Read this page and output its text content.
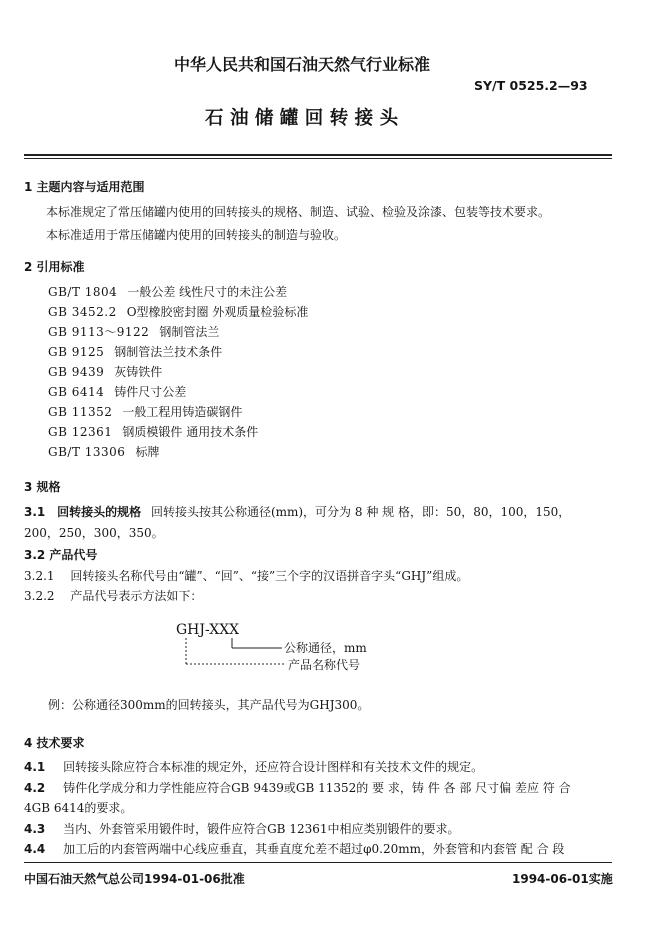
中华人民共和国石油天然气行业标准
SY/T 0525.2—93
石 油 储 罐 回 转 接 头
1 主题内容与适用范围
本标准规定了常压储罐内使用的回转接头的规格、制造、试验、检验及涂漆、包装等技术要求。
本标准适用于常压储罐内使用的回转接头的制造与验收。
2 引用标准
GB/T 1804 一般公差 线性尺寸的未注公差
GB 3452.2 O型橡胶密封圈 外观质量检验标准
GB 9113～9122 钢制管法兰
GB 9125 钢制管法兰技术条件
GB 9439 灰铸铁件
GB 6414 铸件尺寸公差
GB 11352 一般工程用铸造碳钢件
GB 12361 钢质模锻件 通用技术条件
GB/T 13306 标牌
3 规格
3.1 回转接头的规格 回转接头按其公称通径(mm)，可分为 8 种 规 格，即：50，80，100，150，
200，250，300，350。
3.2 产品代号
3.2.1 回转接头名称代号由“罐”、“回”、“接”三个字的汉语拼音字头“GHJ”组成。
3.2.2 产品代号表示方法如下：
GHJ-XXX
公称通径，mm
产品名称代号
例：公称通径300mm的回转接头，其产品代号为GHJ300。
4 技术要求
4.1 回转接头除应符合本标准的规定外，还应符合设计图样和有关技术文件的规定。
4.2 铸件化学成分和力学性能应符合GB 9439或GB 11352的 要 求，铸 件 各 部 尺寸偏 差应 符 合
4GB 6414的要求。
4.3 当内、外套管采用锻件时，锻件应符合GB 12361中相应类别锻件的要求。
4.4 加工后的内套管两端中心线应垂直，其垂直度允差不超过φ0.20mm，外套管和内套管 配 合 段
中国石油天然气总公司1994-01-06批准	1994-06-01实施
